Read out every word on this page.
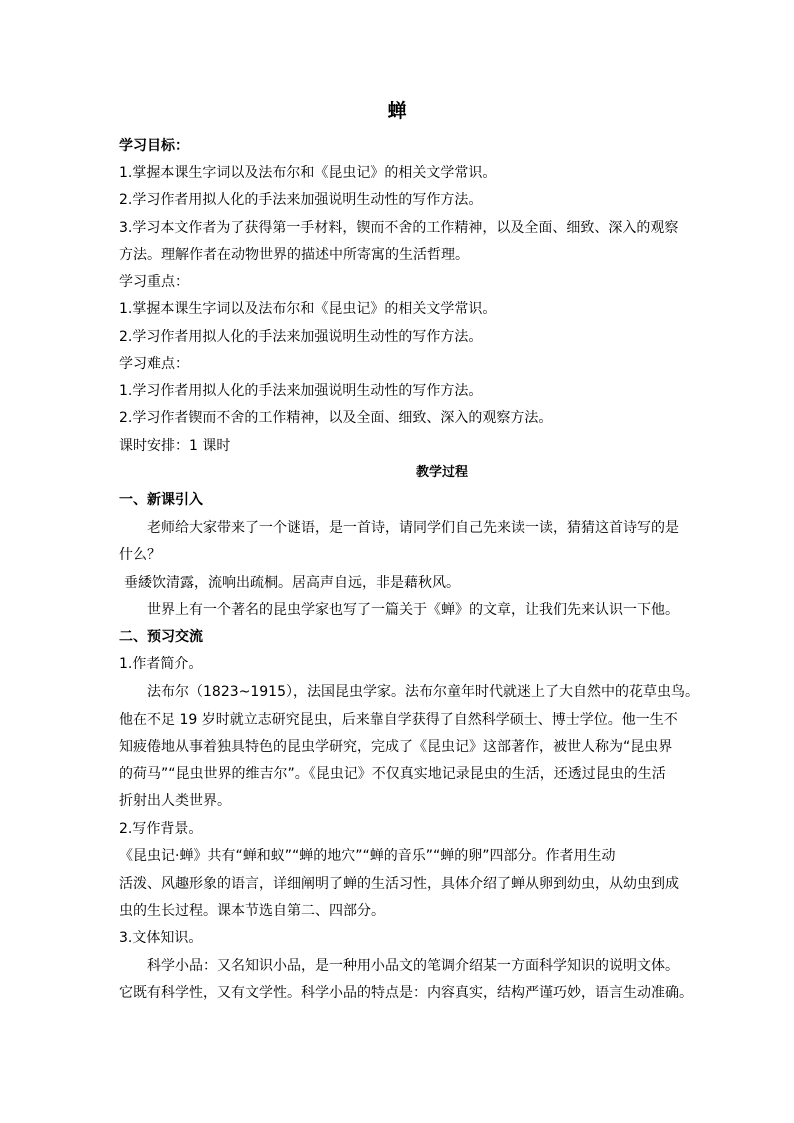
蝉
学习目标：
1.掌握本课生字词以及法布尔和《昆虫记》的相关文学常识。
2.学习作者用拟人化的手法来加强说明生动性的写作方法。
3.学习本文作者为了获得第一手材料，锲而不舍的工作精神，以及全面、细致、深入的观察
方法。理解作者在动物世界的描述中所寄寓的生活哲理。
学习重点：
1.掌握本课生字词以及法布尔和《昆虫记》的相关文学常识。
2.学习作者用拟人化的手法来加强说明生动性的写作方法。
学习难点：
1.学习作者用拟人化的手法来加强说明生动性的写作方法。
2.学习作者锲而不舍的工作精神，以及全面、细致、深入的观察方法。
课时安排：1 课时
教学过程
一、新课引入
老师给大家带来了一个谜语，是一首诗，请同学们自己先来读一读，猜猜这首诗写的是
什么？
垂緌饮清露，流响出疏桐。居高声自远，非是藉秋风。
世界上有一个著名的昆虫学家也写了一篇关于《蝉》的文章，让我们先来认识一下他。
二、预习交流
1.作者简介。
法布尔（1823~1915），法国昆虫学家。法布尔童年时代就迷上了大自然中的花草虫鸟。
他在不足 19 岁时就立志研究昆虫，后来靠自学获得了自然科学硕士、博士学位。他一生不
知疲倦地从事着独具特色的昆虫学研究，完成了《昆虫记》这部著作，被世人称为“昆虫界
的荷马”“昆虫世界的维吉尔”。《昆虫记》不仅真实地记录昆虫的生活，还透过昆虫的生活
折射出人类世界。
2.写作背景。
《昆虫记·蝉》共有“蝉和蚁”“蝉的地穴”“蝉的音乐”“蝉的卵”四部分。作者用生动
活泼、风趣形象的语言，详细阐明了蝉的生活习性，具体介绍了蝉从卵到幼虫，从幼虫到成
虫的生长过程。课本节选自第二、四部分。
3.文体知识。
科学小品：又名知识小品，是一种用小品文的笔调介绍某一方面科学知识的说明文体。
它既有科学性，又有文学性。科学小品的特点是：内容真实，结构严谨巧妙，语言生动准确。
